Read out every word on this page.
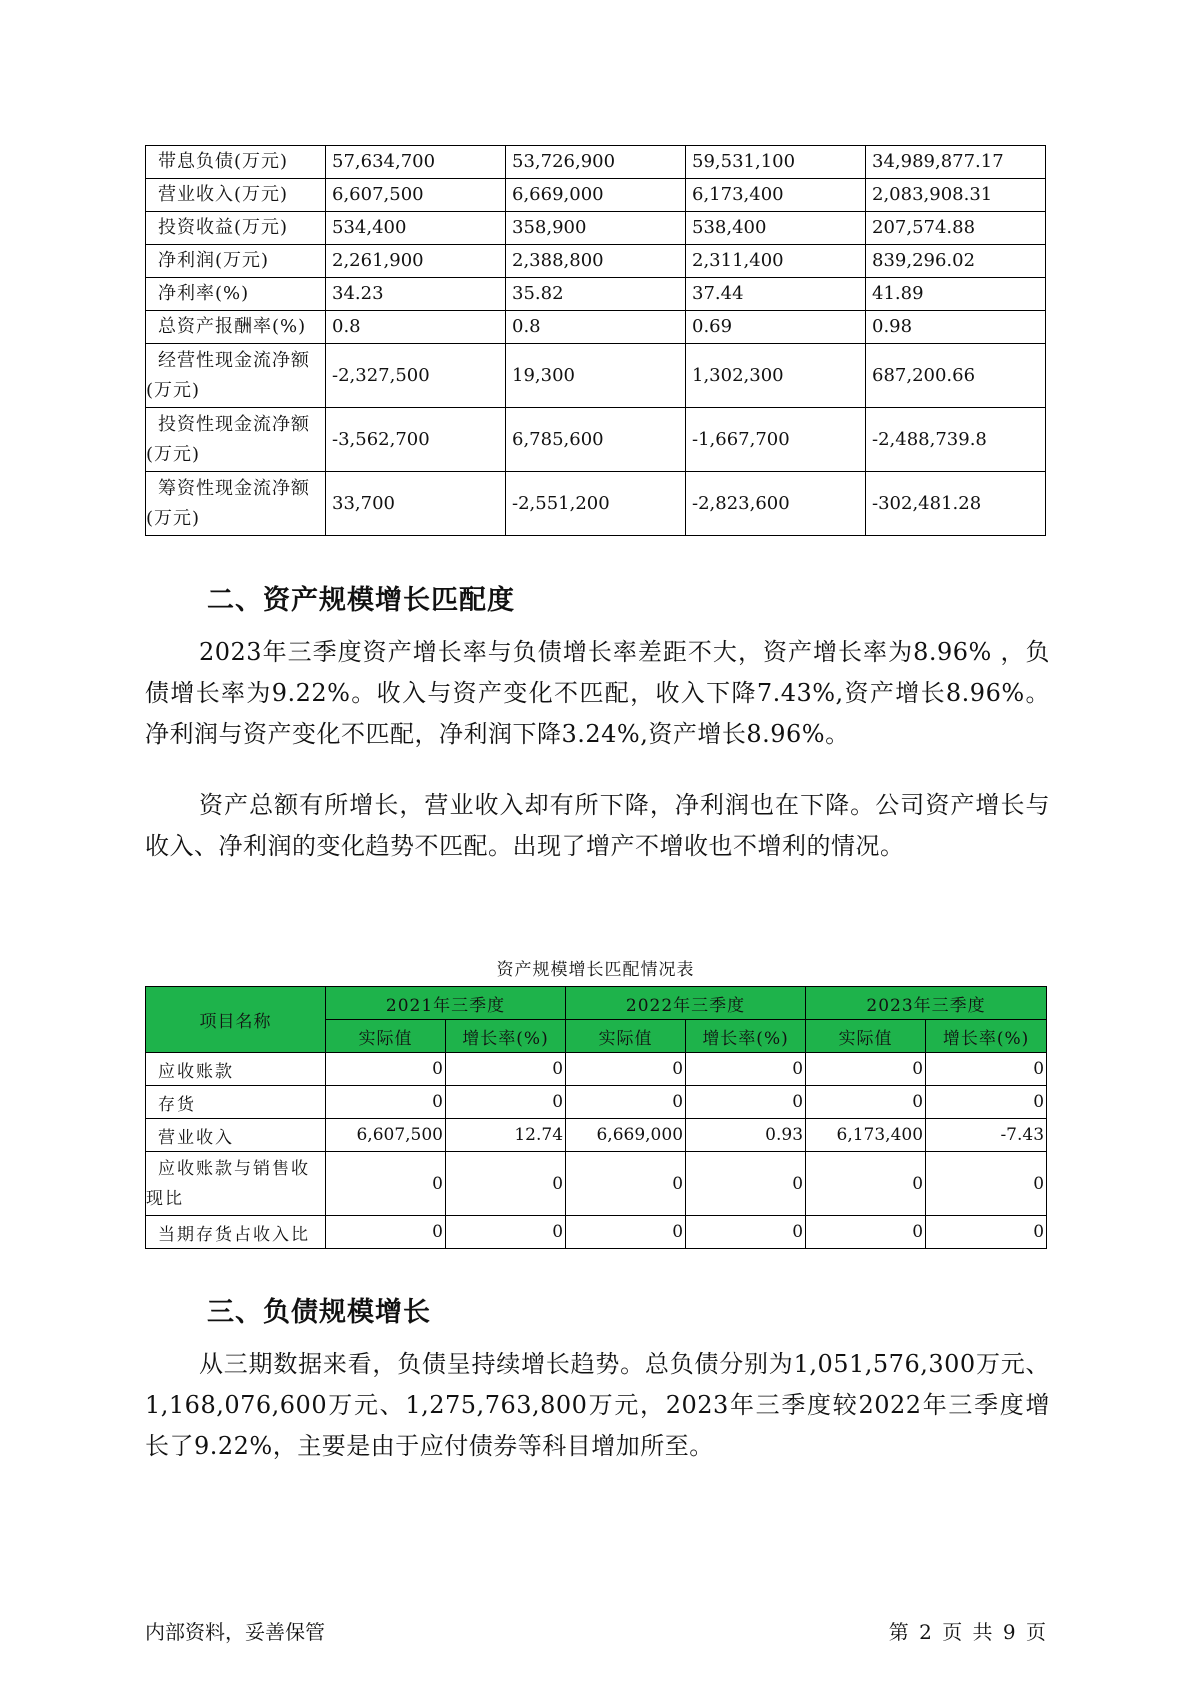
带息负债(万元)	57,634,700	53,726,900	59,531,100	34,989,877.17
营业收入(万元)	6,607,500	6,669,000	6,173,400	2,083,908.31
投资收益(万元)	534,400	358,900	538,400	207,574.88
净利润(万元)	2,261,900	2,388,800	2,311,400	839,296.02
净利率(%)	34.23	35.82	37.44	41.89
总资产报酬率(%)	0.8	0.8	0.69	0.98
经营性现金流净额(万元)	-2,327,500	19,300	1,302,300	687,200.66
投资性现金流净额(万元)	-3,562,700	6,785,600	-1,667,700	-2,488,739.8
筹资性现金流净额(万元)	33,700	-2,551,200	-2,823,600	-302,481.28
二、资产规模增长匹配度

2023年三季度资产增长率与负债增长率差距不大，资产增长率为8.96% ，负债增长率为9.22%。收入与资产变化不匹配，收入下降7.43%,资产增长8.96%。净利润与资产变化不匹配，净利润下降3.24%,资产增长8.96%。

资产总额有所增长，营业收入却有所下降，净利润也在下降。公司资产增长与收入、净利润的变化趋势不匹配。出现了增产不增收也不增利的情况。

资产规模增长匹配情况表
项目名称	2021年三季度		2022年三季度		2023年三季度	
	实际值	增长率(%)	实际值	增长率(%)	实际值	增长率(%)
应收账款	0	0	0	0	0	0
存货	0	0	0	0	0	0
营业收入	6,607,500	12.74	6,669,000	0.93	6,173,400	-7.43
应收账款与销售收现比	0	0	0	0	0	0
当期存货占收入比	0	0	0	0	0	0
三、负债规模增长

从三期数据来看，负债呈持续增长趋势。总负债分别为1,051,576,300万元、1,168,076,600万元、1,275,763,800万元，2023年三季度较2022年三季度增长了9.22%，主要是由于应付债券等科目增加所至。

内部资料，妥善保管	第 2 页 共 9 页
